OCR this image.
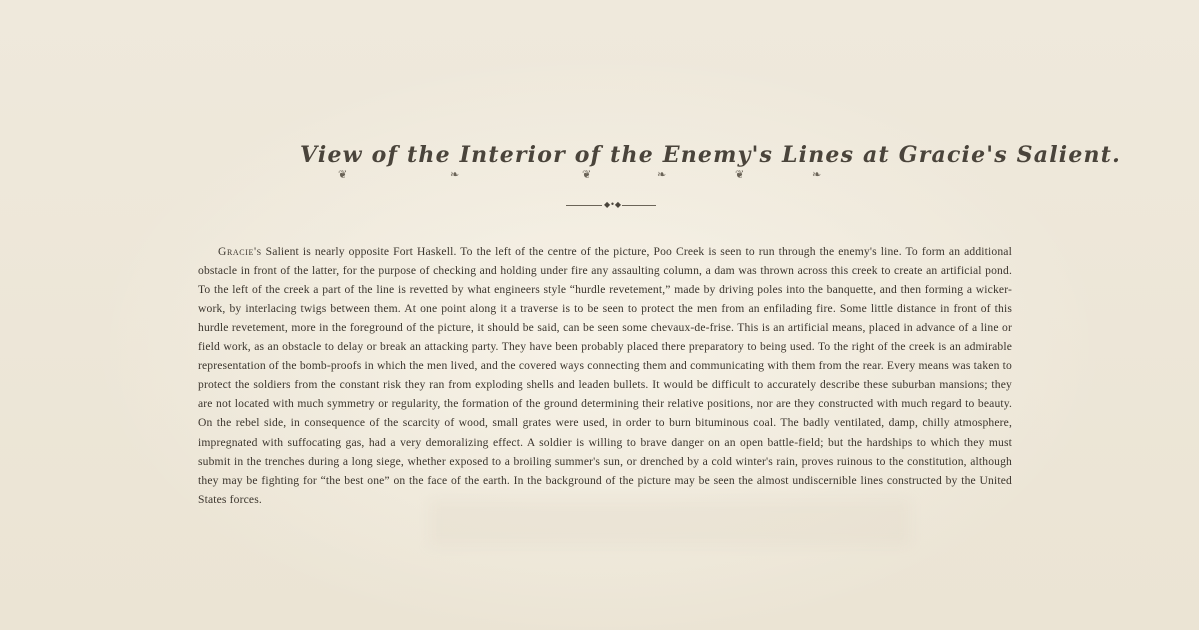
View of the Interior of the Enemy's Lines at Gracie's Salient.
❦	❧	❦	❧	❦	❧
◆•◆

Gracie's Salient is nearly opposite Fort Haskell. To the left of the centre of the picture, Poo Creek is seen to run through the enemy's line. To form an additional obstacle in front of the latter, for the purpose of checking and holding under fire any assaulting column, a dam was thrown across this creek to create an artificial pond. To the left of the creek a part of the line is revetted by what engineers style “hurdle revetement,” made by driving poles into the banquette, and then forming a wicker-work, by interlacing twigs between them. At one point along it a traverse is to be seen to protect the men from an enfilading fire. Some little distance in front of this hurdle revetement, more in the foreground of the picture, it should be said, can be seen some chevaux-de-frise. This is an artificial means, placed in advance of a line or field work, as an obstacle to delay or break an attacking party. They have been probably placed there preparatory to being used. To the right of the creek is an admirable representation of the bomb-proofs in which the men lived, and the covered ways connecting them and communicating with them from the rear. Every means was taken to protect the soldiers from the constant risk they ran from exploding shells and leaden bullets. It would be difficult to accurately describe these suburban mansions; they are not located with much symmetry or regularity, the formation of the ground determining their relative positions, nor are they constructed with much regard to beauty. On the rebel side, in consequence of the scarcity of wood, small grates were used, in order to burn bituminous coal. The badly ventilated, damp, chilly atmosphere, impregnated with suffocating gas, had a very demoralizing effect. A soldier is willing to brave danger on an open battle-field; but the hardships to which they must submit in the trenches during a long siege, whether exposed to a broiling summer's sun, or drenched by a cold winter's rain, proves ruinous to the constitution, although they may be fighting for “the best one” on the face of the earth. In the background of the picture may be seen the almost undiscernible lines constructed by the United States forces.
